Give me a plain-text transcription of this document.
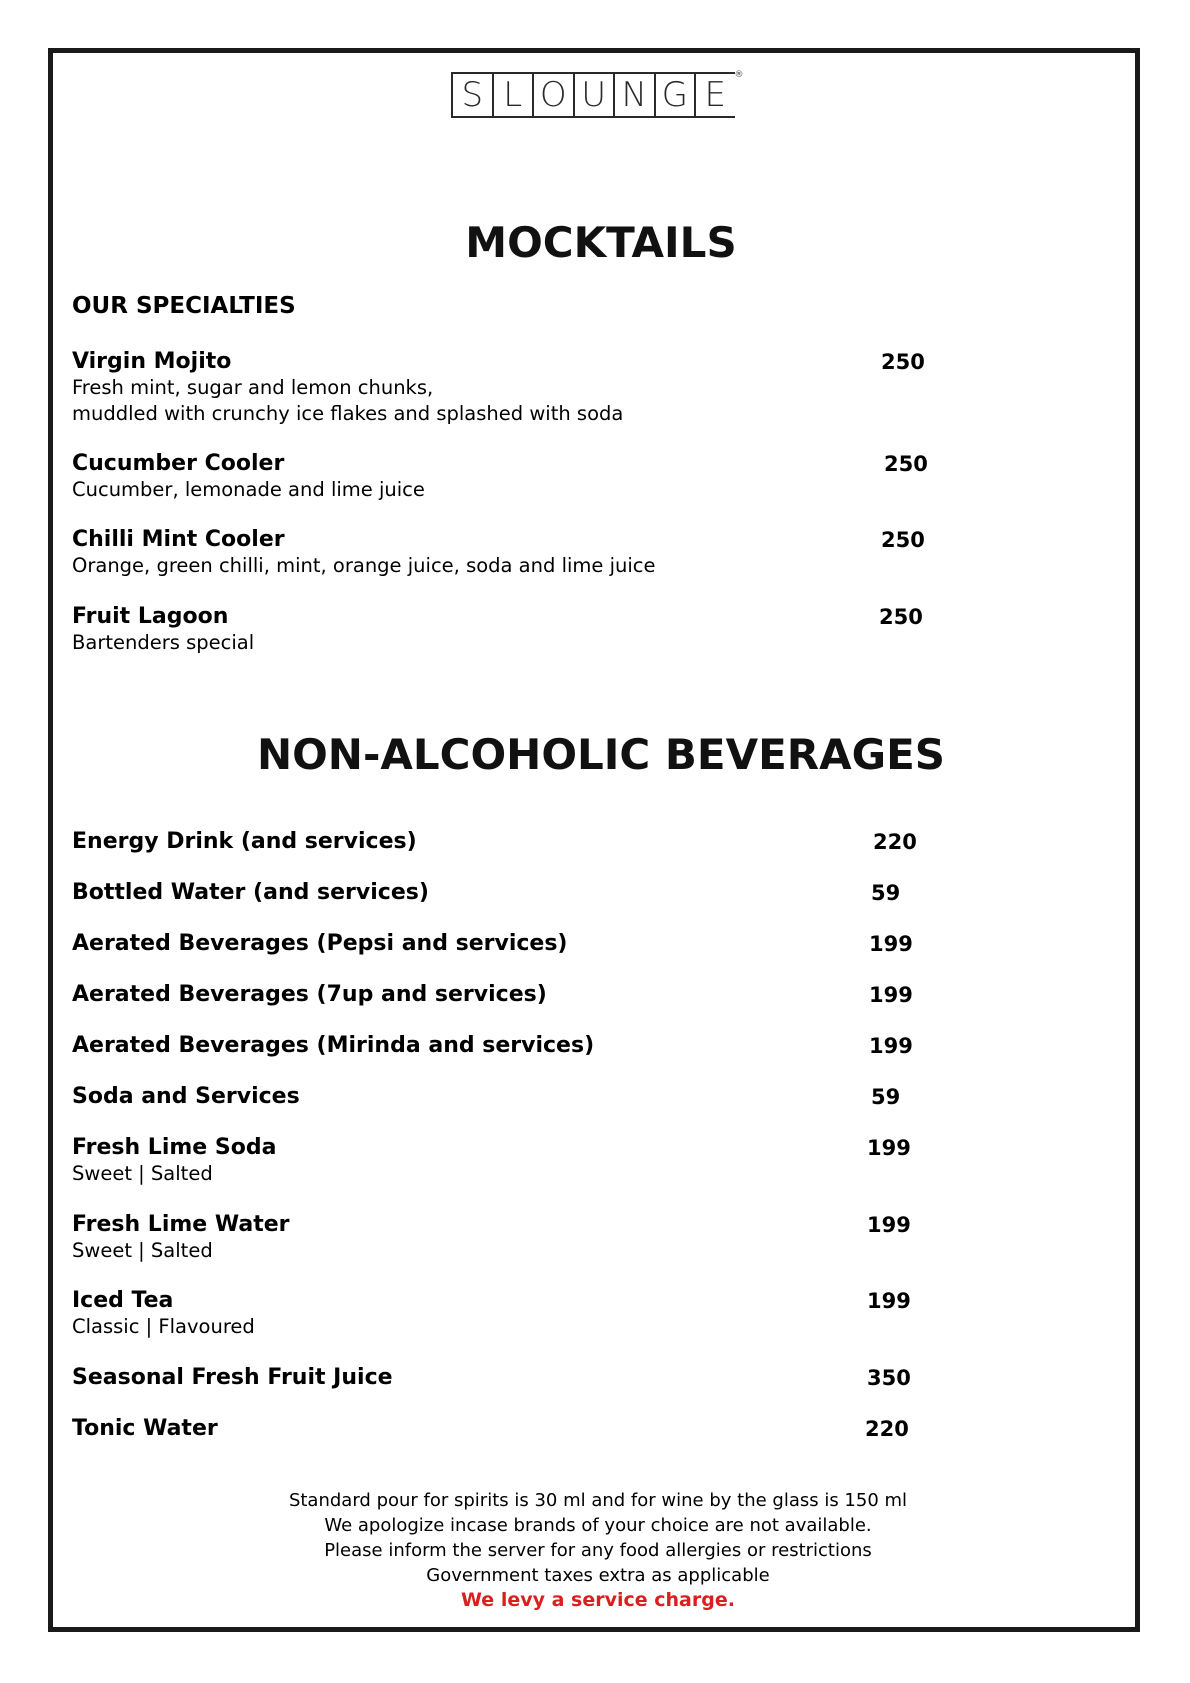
S L O U N G E ®
MOCKTAILS
OUR SPECIALTIES
Virgin Mojito	250
Fresh mint, sugar and lemon chunks,
muddled with crunchy ice flakes and splashed with soda
Cucumber Cooler	250
Cucumber, lemonade and lime juice
Chilli Mint Cooler	250
Orange, green chilli, mint, orange juice, soda and lime juice
Fruit Lagoon	250
Bartenders special
NON-ALCOHOLIC BEVERAGES
Energy Drink (and services)	220
Bottled Water (and services)	59
Aerated Beverages (Pepsi and services)	199
Aerated Beverages (7up and services)	199
Aerated Beverages (Mirinda and services)	199
Soda and Services	59
Fresh Lime Soda	199
Sweet | Salted
Fresh Lime Water	199
Sweet | Salted
Iced Tea	199
Classic | Flavoured
Seasonal Fresh Fruit Juice	350
Tonic Water	220
Standard pour for spirits is 30 ml and for wine by the glass is 150 ml
We apologize incase brands of your choice are not available.
Please inform the server for any food allergies or restrictions
Government taxes extra as applicable
We levy a service charge.
